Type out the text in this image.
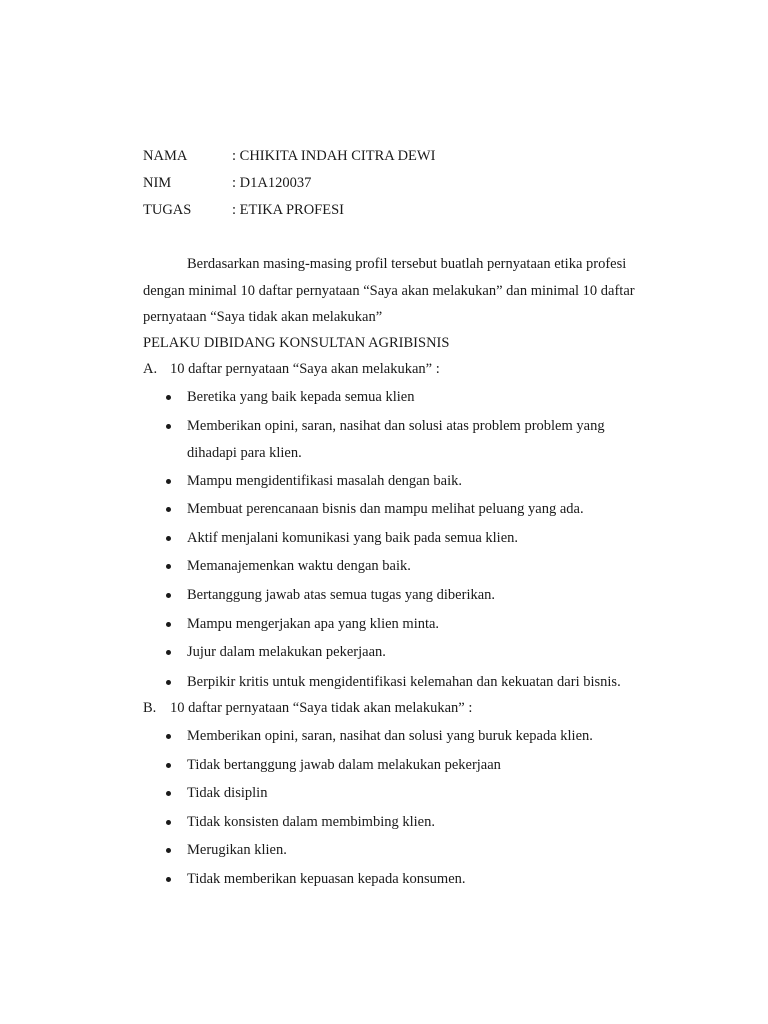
NAMA	: CHIKITA INDAH CITRA DEWI
NIM	: D1A120037
TUGAS	: ETIKA PROFESI
Berdasarkan masing-masing profil tersebut buatlah pernyataan etika profesi
dengan minimal 10 daftar pernyataan “Saya akan melakukan” dan minimal 10 daftar
pernyataan “Saya tidak akan melakukan”
PELAKU DIBIDANG KONSULTAN AGRIBISNIS
A. 10 daftar pernyataan “Saya akan melakukan” :
Beretika yang baik kepada semua klien
Memberikan opini, saran, nasihat dan solusi atas problem problem yang
dihadapi para klien.
Mampu mengidentifikasi masalah dengan baik.
Membuat perencanaan bisnis dan mampu melihat peluang yang ada.
Aktif menjalani komunikasi yang baik pada semua klien.
Memanajemenkan waktu dengan baik.
Bertanggung jawab atas semua tugas yang diberikan.
Mampu mengerjakan apa yang klien minta.
Jujur dalam melakukan pekerjaan.
Berpikir kritis untuk mengidentifikasi kelemahan dan kekuatan dari bisnis.
B. 10 daftar pernyataan “Saya tidak akan melakukan” :
Memberikan opini, saran, nasihat dan solusi yang buruk kepada klien.
Tidak bertanggung jawab dalam melakukan pekerjaan
Tidak disiplin
Tidak konsisten dalam membimbing klien.
Merugikan klien.
Tidak memberikan kepuasan kepada konsumen.
